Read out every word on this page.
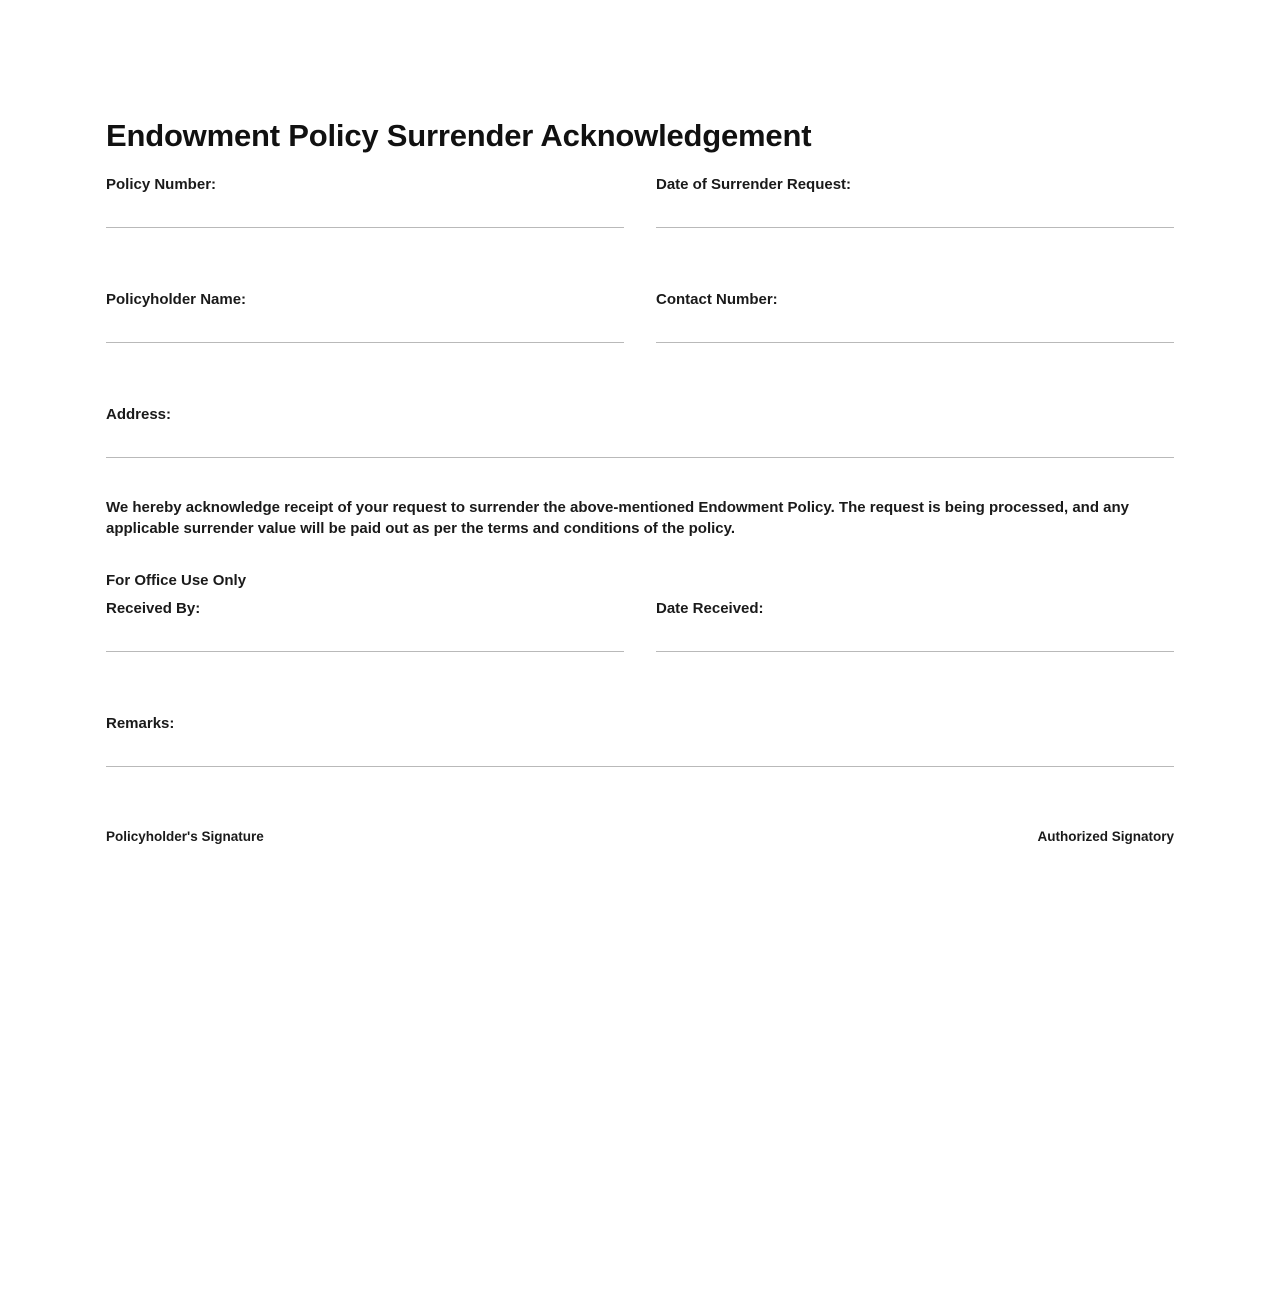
Endowment Policy Surrender Acknowledgement
Policy Number:	Date of Surrender Request:
Policyholder Name:	Contact Number:
Address:

We hereby acknowledge receipt of your request to surrender the above-mentioned Endowment Policy. The request is being processed, and any applicable surrender value will be paid out as per the terms and conditions of the policy.

For Office Use Only
Received By:	Date Received:
Remarks:
Policyholder's Signature	Authorized Signatory
